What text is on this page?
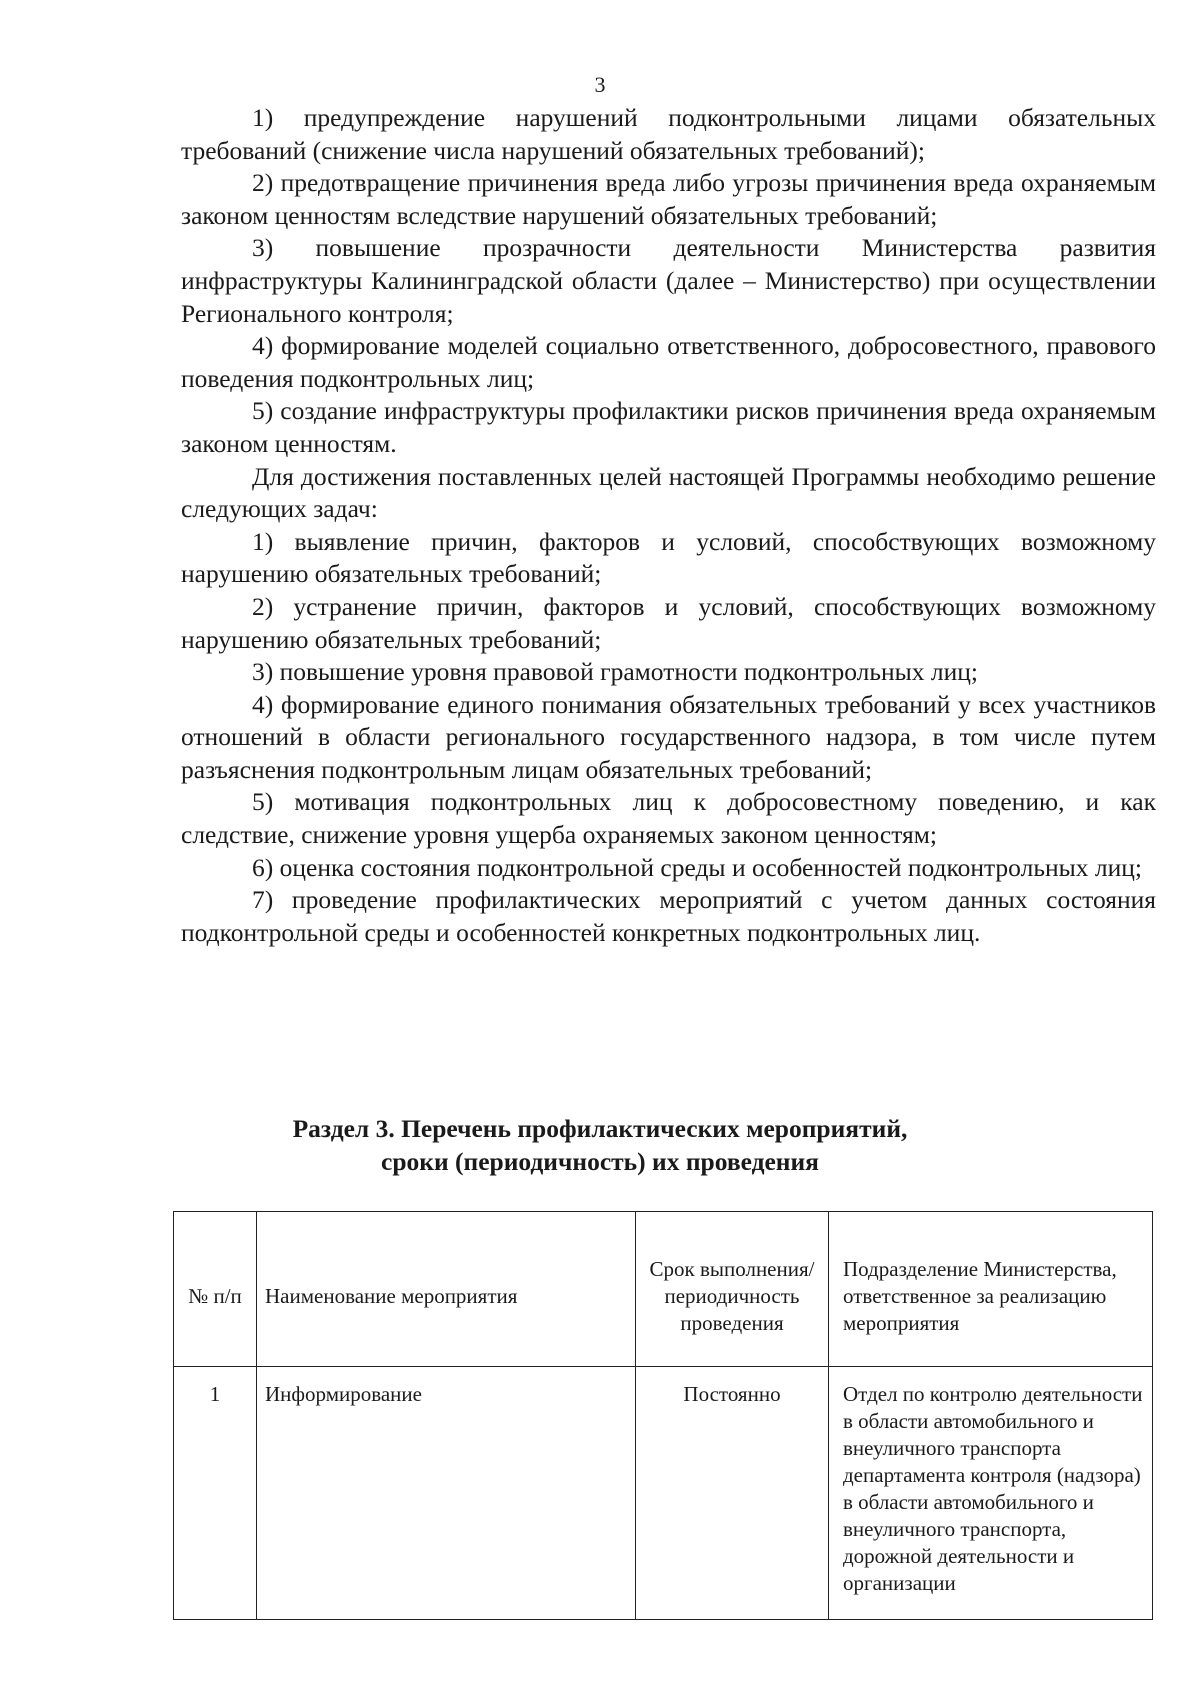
3

1) предупреждение нарушений подконтрольными лицами обязательных требований (снижение числа нарушений обязательных требований);

2) предотвращение причинения вреда либо угрозы причинения вреда охраняемым законом ценностям вследствие нарушений обязательных требований;

3) повышение прозрачности деятельности Министерства развития инфраструктуры Калининградской области (далее – Министерство) при осуществлении Регионального контроля;

4) формирование моделей социально ответственного, добросовестного, правового поведения подконтрольных лиц;

5) создание инфраструктуры профилактики рисков причинения вреда охраняемым законом ценностям.

Для достижения поставленных целей настоящей Программы необходимо решение следующих задач:

1) выявление причин, факторов и условий, способствующих возможному нарушению обязательных требований;

2) устранение причин, факторов и условий, способствующих возможному нарушению обязательных требований;

3) повышение уровня правовой грамотности подконтрольных лиц;

4) формирование единого понимания обязательных требований у всех участников отношений в области регионального государственного надзора, в том числе путем разъяснения подконтрольным лицам обязательных требований;

5) мотивация подконтрольных лиц к добросовестному поведению, и как следствие, снижение уровня ущерба охраняемых законом ценностям;

6) оценка состояния подконтрольной среды и особенностей подконтрольных лиц;

7) проведение профилактических мероприятий с учетом данных состояния подконтрольной среды и особенностей конкретных подконтрольных лиц.

Раздел 3. Перечень профилактических мероприятий,
сроки (периодичность) их проведения
№ п/п	Наименование мероприятия	Срок выполнения/ периодичность проведения	Подразделение Министерства, ответственное за реализацию мероприятия
1	Информирование	Постоянно	Отдел по контролю деятельности в области автомобильного и внеуличного транспорта департамента контроля (надзора) в области автомобильного и внеуличного транспорта, дорожной деятельности и организации
